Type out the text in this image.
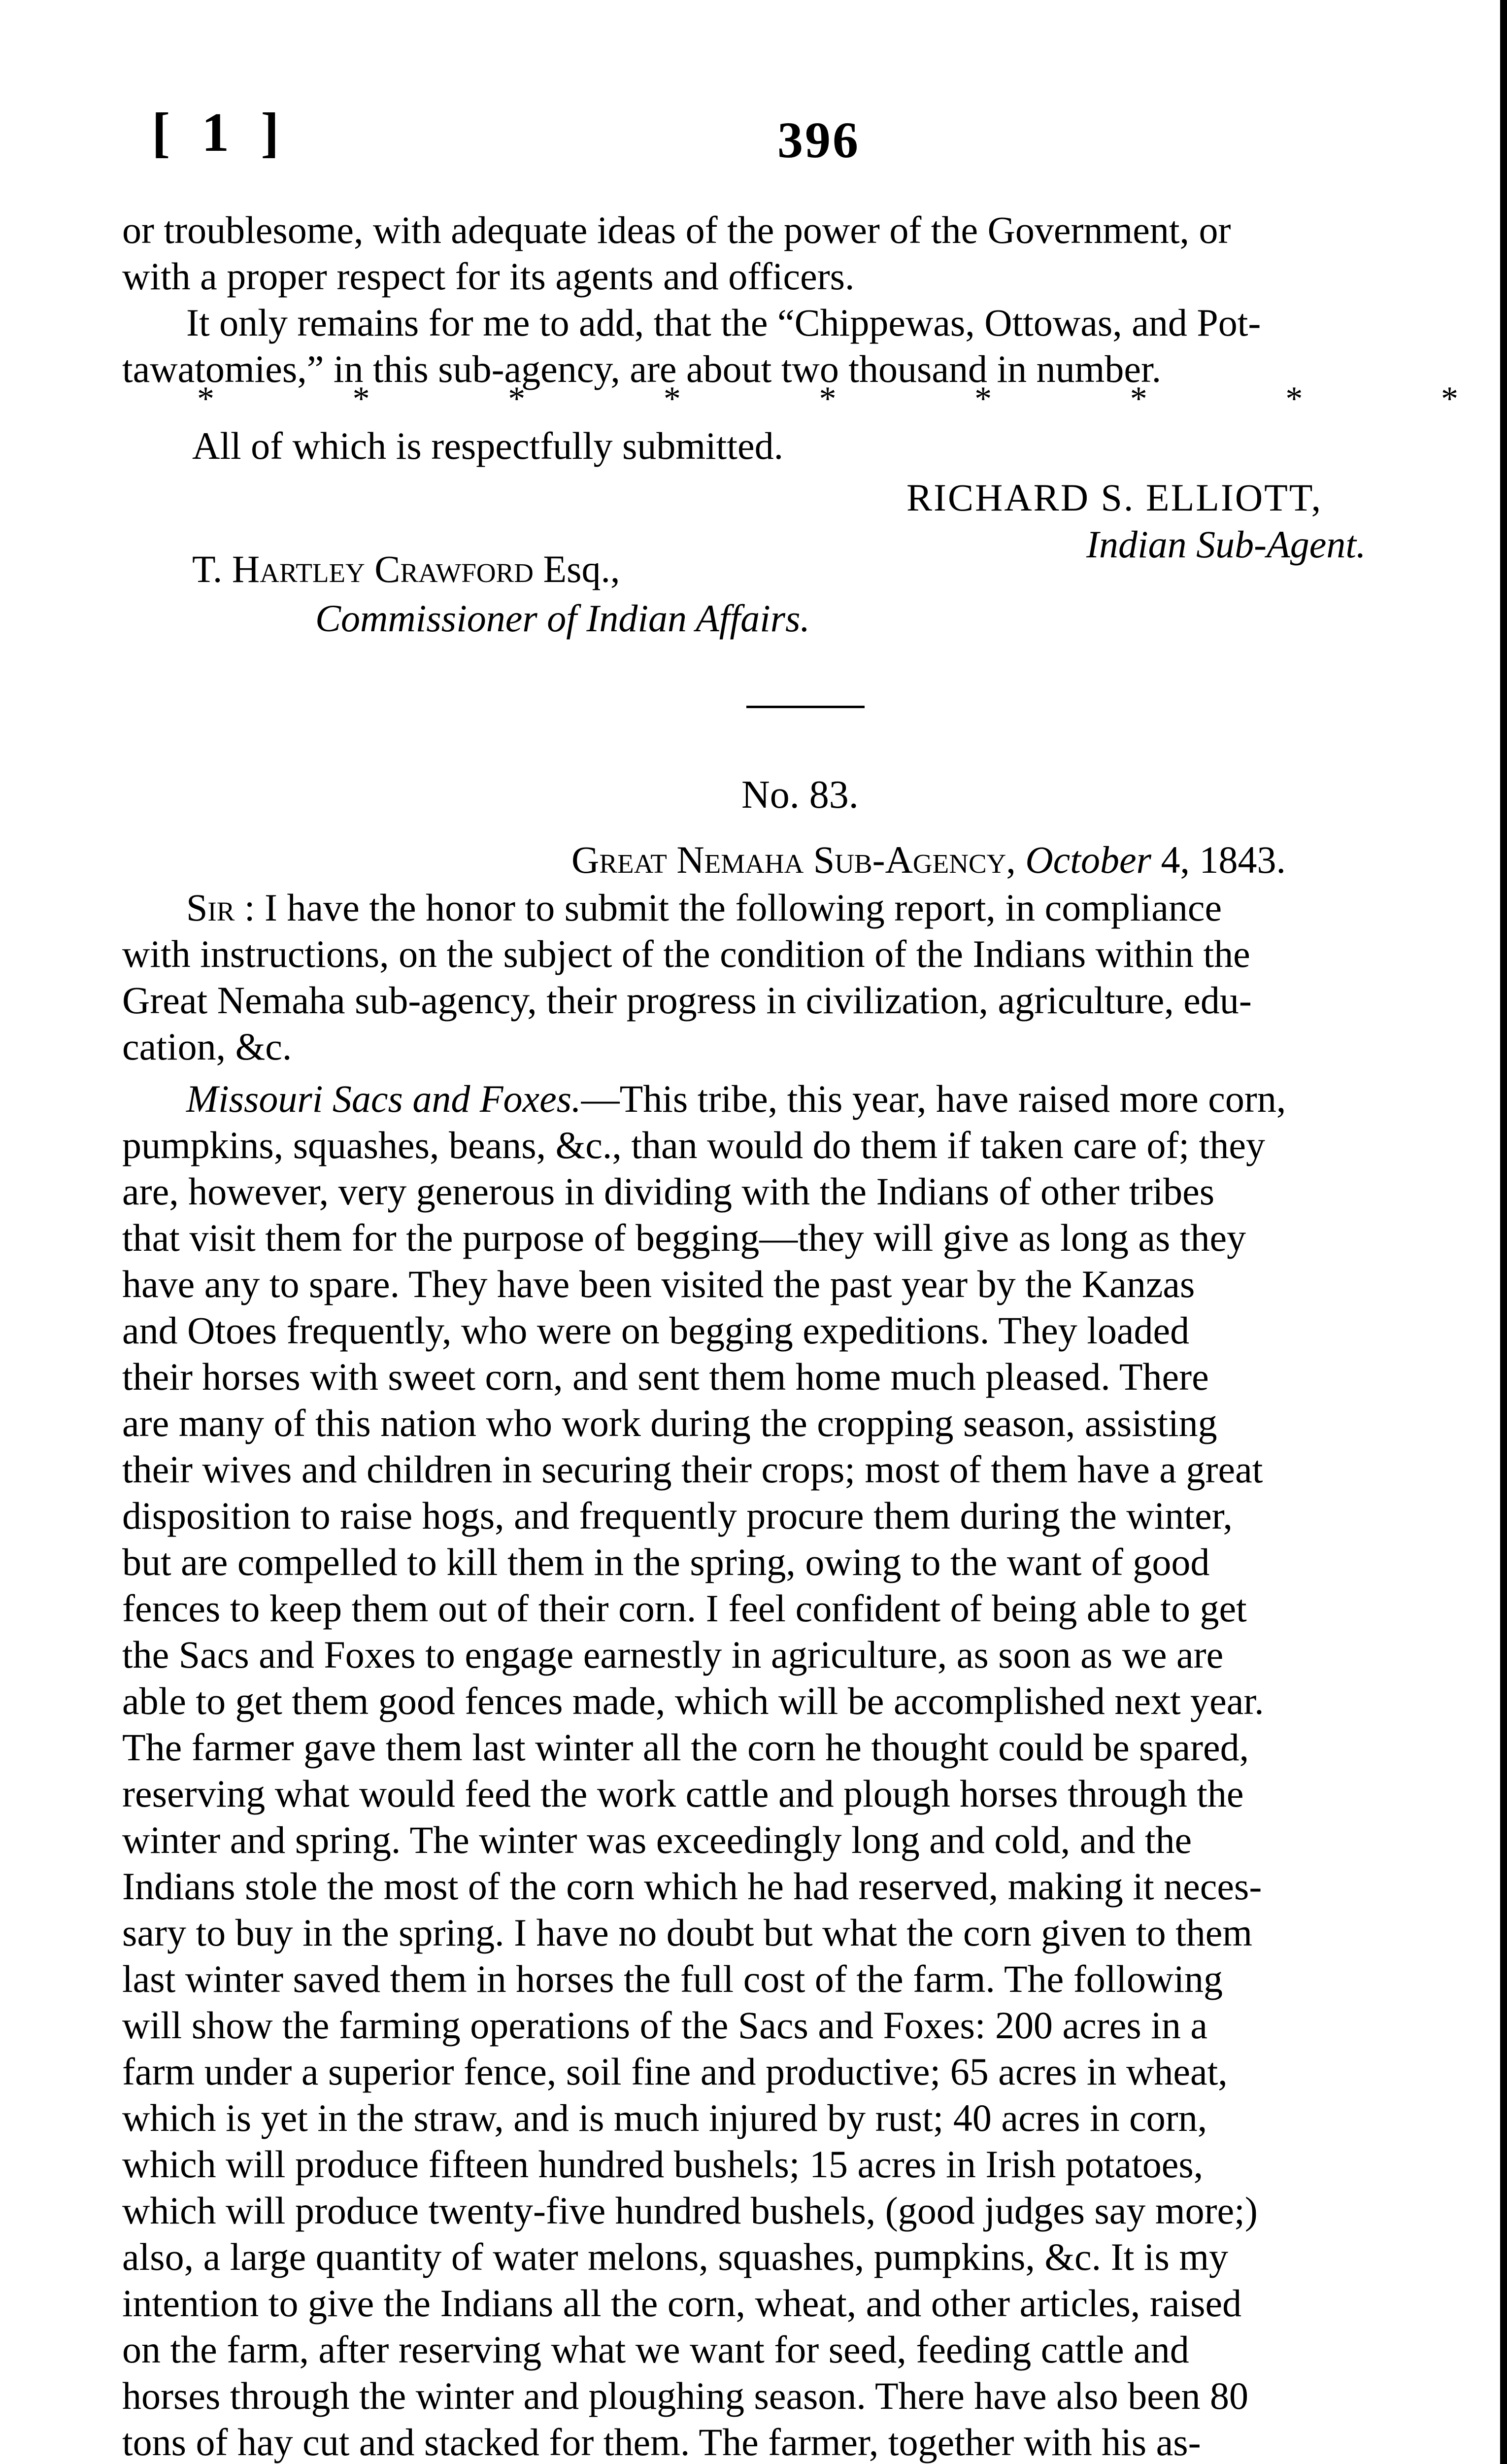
[ 1 ]	396

or troublesome, with adequate ideas of the power of the Government, or
with a proper respect for its agents and officers.

It only remains for me to add, that the “Chippewas, Ottowas, and Pot-
tawatomies,” in this sub-agency, are about two thousand in number.

*	*	*	*	*	*	*	*	*
All of which is respectfully submitted.
RICHARD S. ELLIOTT,
Indian Sub-Agent.
T. Hartley Crawford Esq.,
Commissioner of Indian Affairs.
No. 83.
Great Nemaha Sub-Agency, October 4, 1843.

Sir : I have the honor to submit the following report, in compliance
with instructions, on the subject of the condition of the Indians within the
Great Nemaha sub-agency, their progress in civilization, agriculture, edu-
cation, &c.

Missouri Sacs and Foxes.—This tribe, this year, have raised more corn,
pumpkins, squashes, beans, &c., than would do them if taken care of; they
are, however, very generous in dividing with the Indians of other tribes
that visit them for the purpose of begging—they will give as long as they
have any to spare. They have been visited the past year by the Kanzas
and Otoes frequently, who were on begging expeditions. They loaded
their horses with sweet corn, and sent them home much pleased. There
are many of this nation who work during the cropping season, assisting
their wives and children in securing their crops; most of them have a great
disposition to raise hogs, and frequently procure them during the winter,
but are compelled to kill them in the spring, owing to the want of good
fences to keep them out of their corn. I feel confident of being able to get
the Sacs and Foxes to engage earnestly in agriculture, as soon as we are
able to get them good fences made, which will be accomplished next year.
The farmer gave them last winter all the corn he thought could be spared,
reserving what would feed the work cattle and plough horses through the
winter and spring. The winter was exceedingly long and cold, and the
Indians stole the most of the corn which he had reserved, making it neces-
sary to buy in the spring. I have no doubt but what the corn given to them
last winter saved them in horses the full cost of the farm. The following
will show the farming operations of the Sacs and Foxes: 200 acres in a
farm under a superior fence, soil fine and productive; 65 acres in wheat,
which is yet in the straw, and is much injured by rust; 40 acres in corn,
which will produce fifteen hundred bushels; 15 acres in Irish potatoes,
which will produce twenty-five hundred bushels, (good judges say more;)
also, a large quantity of water melons, squashes, pumpkins, &c. It is my
intention to give the Indians all the corn, wheat, and other articles, raised
on the farm, after reserving what we want for seed, feeding cattle and
horses through the winter and ploughing season. There have also been 80
tons of hay cut and stacked for them. The farmer, together with his as-
